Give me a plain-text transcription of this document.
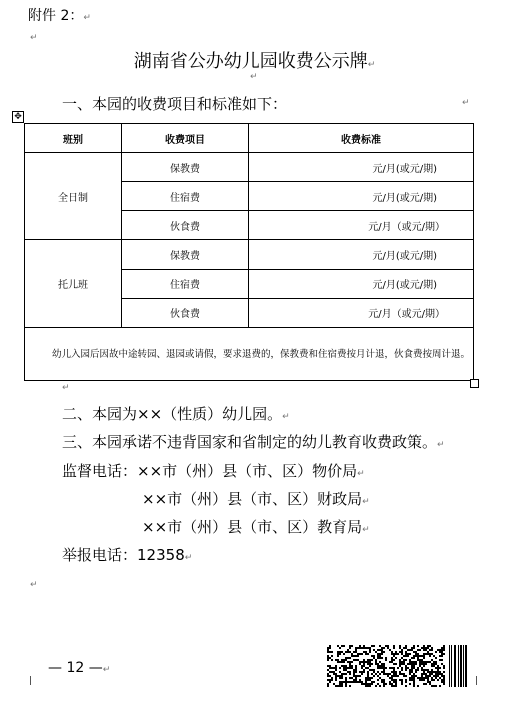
附件 2：↵
↵
湖南省公办幼儿园收费公示牌↵
↵
一、本园的收费项目和标准如下：	↵
✥
班别	收费项目	收费标准
全日制	保教费	元/月(或元/期)
	住宿费	元/月(或元/期)
	伙食费	元/月（或元/期）
托儿班	保教费	元/月(或元/期)
	住宿费	元/月(或元/期)
	伙食费	元/月（或元/期）
幼儿入园后因故中途转园、退园或请假，要求退费的，保教费和住宿费按月计退，伙食费按周计退。		
↵
二、本园为××（性质）幼儿园。↵
三、本园承诺不违背国家和省制定的幼儿教育收费政策。↵
监督电话：××市（州）县（市、区）物价局↵
××市（州）县（市、区）财政局↵
××市（州）县（市、区）教育局↵
举报电话：12358↵
↵
— 12 —↵
